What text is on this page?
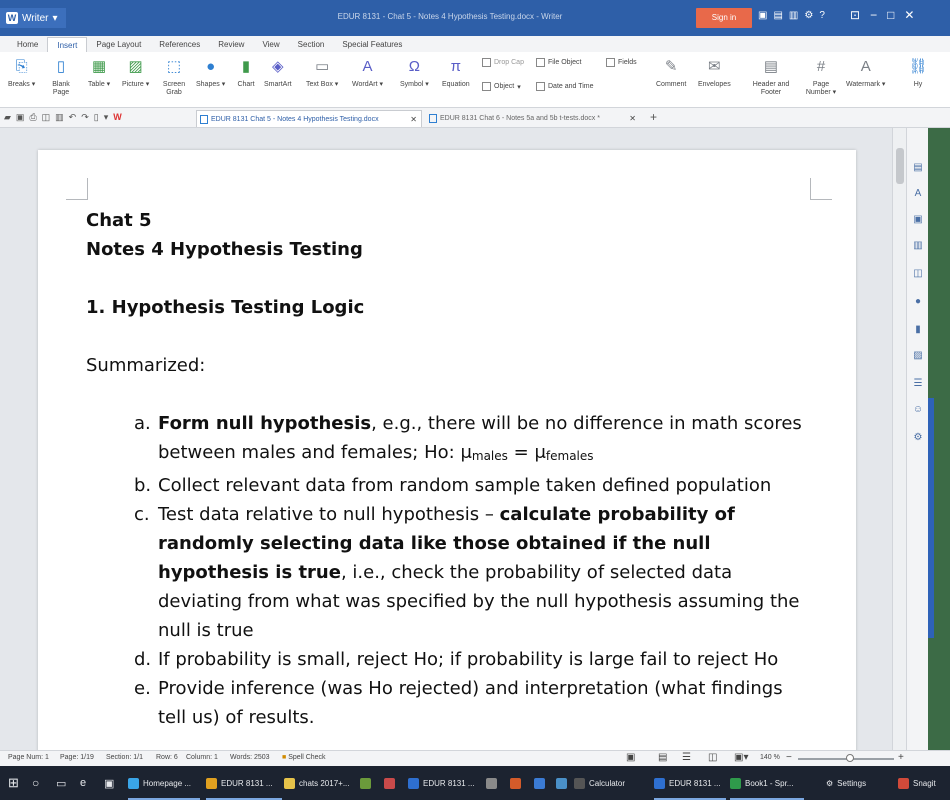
W Writer ▾	EDUR 8131 - Chat 5 - Notes 4 Hypothesis Testing.docx - Writer	Sign in	▣ ▤ ▥ ⚙ ? ⊡ − □ ✕
Home	Insert	Page Layout	References	Review	View	Section	Special Features
⎘
Breaks ▾
▯
Blank Page
▦
Table ▾
▨
Picture ▾
⬚
Screen Grab
●
Shapes ▾
▮
Chart
◈
SmartArt
▭
Text Box ▾
A
WordArt ▾
Ω
Symbol ▾
π
Equation
Drop Cap
Object ▾
File Object
Date and Time
Fields ✎
Comment
✉
Envelopes
▤
Header and Footer
#
Page Number ▾
A
Watermark ▾
⛓
Hy
▰ ▣ ⎙ ◫ ▥ ↶ ↷ ▯ ▾ W	EDUR 8131 Chat 5 - Notes 4 Hypothesis Testing.docx	✕	EDUR 8131 Chat 6 - Notes 5a and 5b t-tests.docx *	✕ +
Chat 5
Notes 4 Hypothesis Testing
1. Hypothesis Testing Logic
Summarized:
a. Form null hypothesis, e.g., there will be no difference in math scores between males and females; Ho: μmales = μfemales
b. Collect relevant data from random sample taken defined population
c. Test data relative to null hypothesis – calculate probability of randomly selecting data like those obtained if the null hypothesis is true, i.e., check the probability of selected data deviating from what was specified by the null hypothesis assuming the null is true
d. If probability is small, reject Ho; if probability is large fail to reject Ho
e. Provide inference (was Ho rejected) and interpretation (what findings tell us) of results.
▤
A
▣
▥
◫
●
▮
▨
☰
☺
⚙
Page Num: 1 Page: 1/19 Section: 1/1 Row: 6 Column: 1 Words: 2503 ■ Spell Check	▣ ▤ ☰ ◫ ▣▾ 140 % −	+
⊞ ○ ▭ e ▣	Homepage ...	EDUR 8131 ...	chats 2017+...	EDUR 8131 ...	Calculator	EDUR 8131 ...	Book1 - Spr...	⚙ Settings	Snagit
